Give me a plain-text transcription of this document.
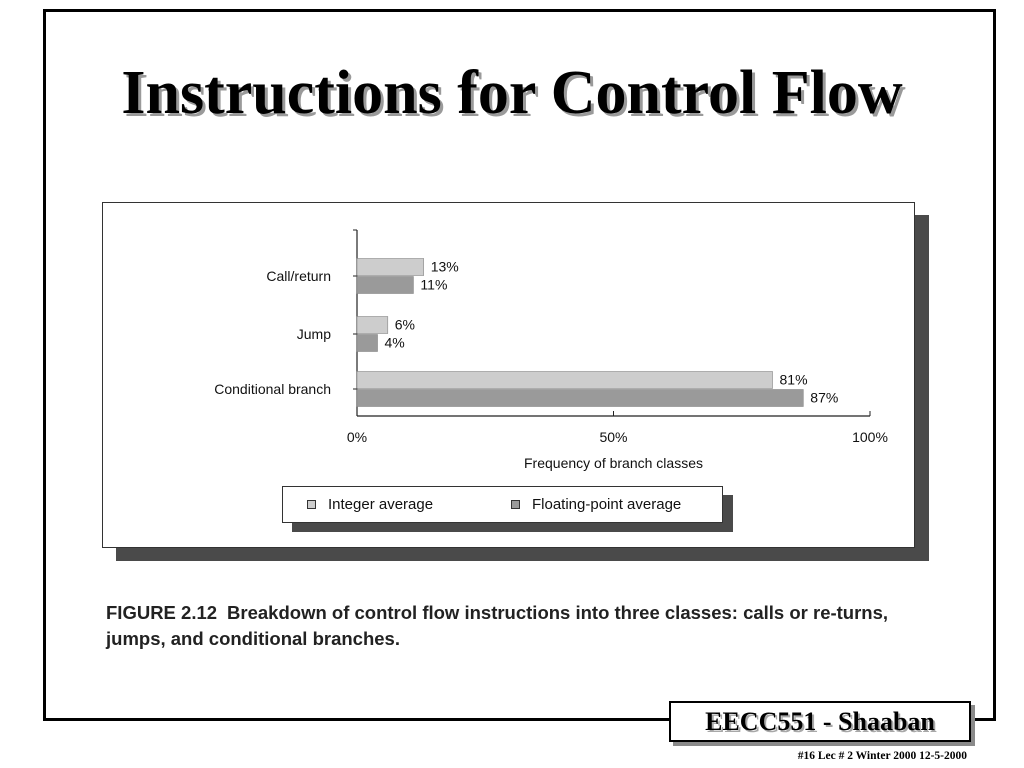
Instructions for Control Flow
0%	50%	100%
Frequency of branch classes
Call/return
13%
11%
Jump
6%
4%
Conditional branch
81%
87%
Integer average	Floating-point average
FIGURE 2.12 Breakdown of control flow instructions into three classes: calls or re-turns, jumps, and conditional branches.
EECC551 - Shaaban
#16 Lec # 2 Winter 2000 12-5-2000
